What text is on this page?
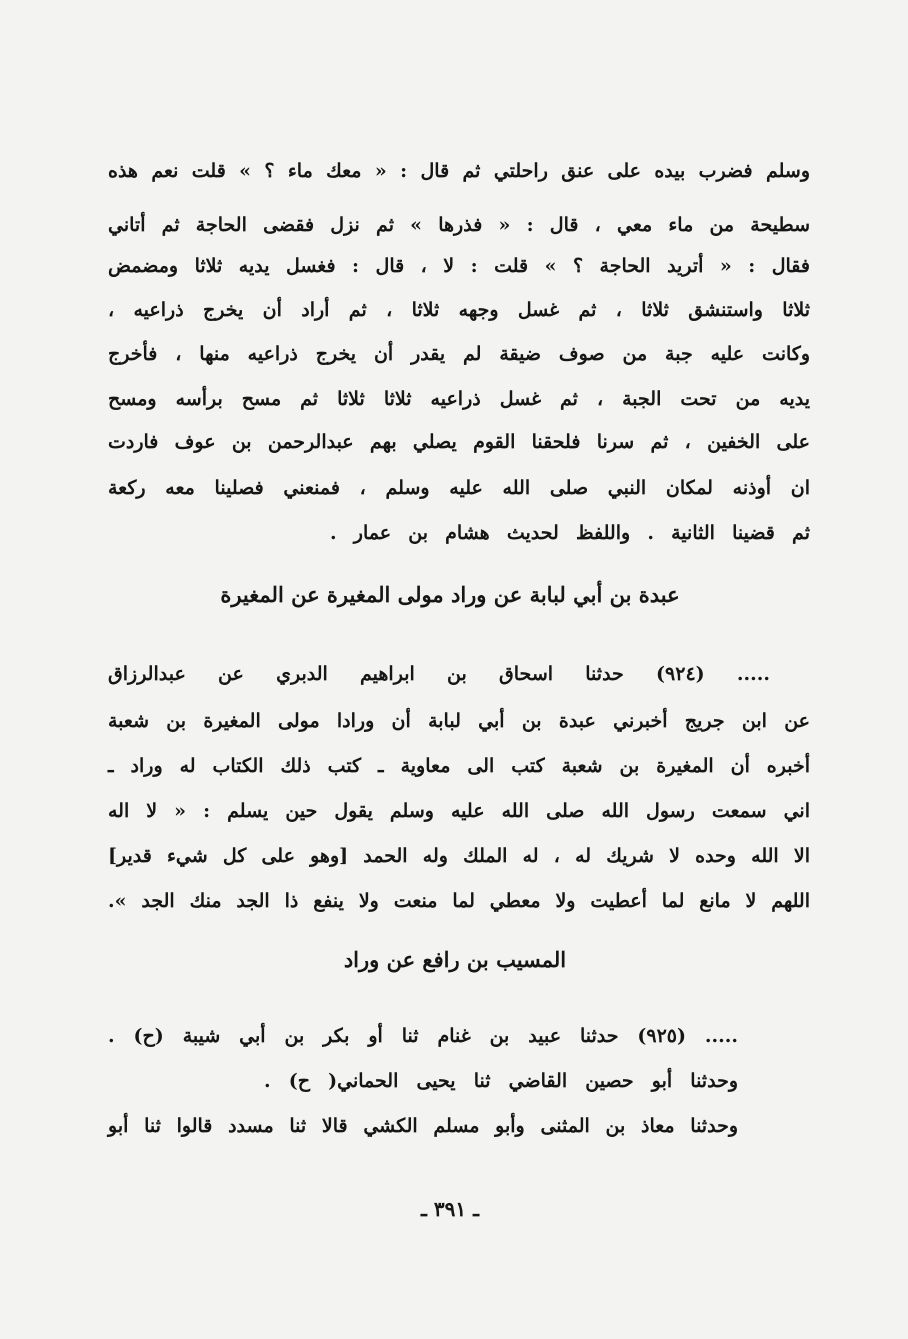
وسلم فضرب بيده على عنق راحلتي ثم قال : « معك ماء ؟ » قلت نعم هذه
سطيحة من ماء معي ، قال : « فذرها » ثم نزل فقضى الحاجة ثم أتاني
فقال : « أتريد الحاجة ؟ » قلت : لا ، قال : فغسل يديه ثلاثا ومضمض
ثلاثا واستنشق ثلاثا ، ثم غسل وجهه ثلاثا ، ثم أراد أن يخرج ذراعيه ،
وكانت عليه جبة من صوف ضيقة لم يقدر أن يخرج ذراعيه منها ، فأخرج
يديه من تحت الجبة ، ثم غسل ذراعيه ثلاثا ثلاثا ثم مسح برأسه ومسح
على الخفين ، ثم سرنا فلحقنا القوم يصلي بهم عبدالرحمن بن عوف فاردت
ان أوذنه لمكان النبي صلى الله عليه وسلم ، فمنعني فصلينا معه ركعة
ثم قضينا الثانية . واللفظ لحديث هشام بن عمار .
عبدة بن أبي لبابة عن وراد مولى المغيرة عن المغيرة
..... (٩٢٤) حدثنا اسحاق بن ابراهيم الدبري عن عبدالرزاق
عن ابن جريج أخبرني عبدة بن أبي لبابة أن ورادا مولى المغيرة بن شعبة
أخبره أن المغيرة بن شعبة كتب الى معاوية ـ كتب ذلك الكتاب له وراد ـ
اني سمعت رسول الله صلى الله عليه وسلم يقول حين يسلم : « لا اله
الا الله وحده لا شريك له ، له الملك وله الحمد [وهو على كل شيء قدير]
اللهم لا مانع لما أعطيت ولا معطي لما منعت ولا ينفع ذا الجد منك الجد ».
المسيب بن رافع عن وراد
..... (٩٢٥) حدثنا عبيد بن غنام ثنا أو بكر بن أبي شيبة (ح) .
وحدثنا أبو حصين القاضي ثنا يحيى الحماني( ح) .
وحدثنا معاذ بن المثنى وأبو مسلم الكشي قالا ثنا مسدد قالوا ثنا أبو
ـ ٣٩١ ـ
